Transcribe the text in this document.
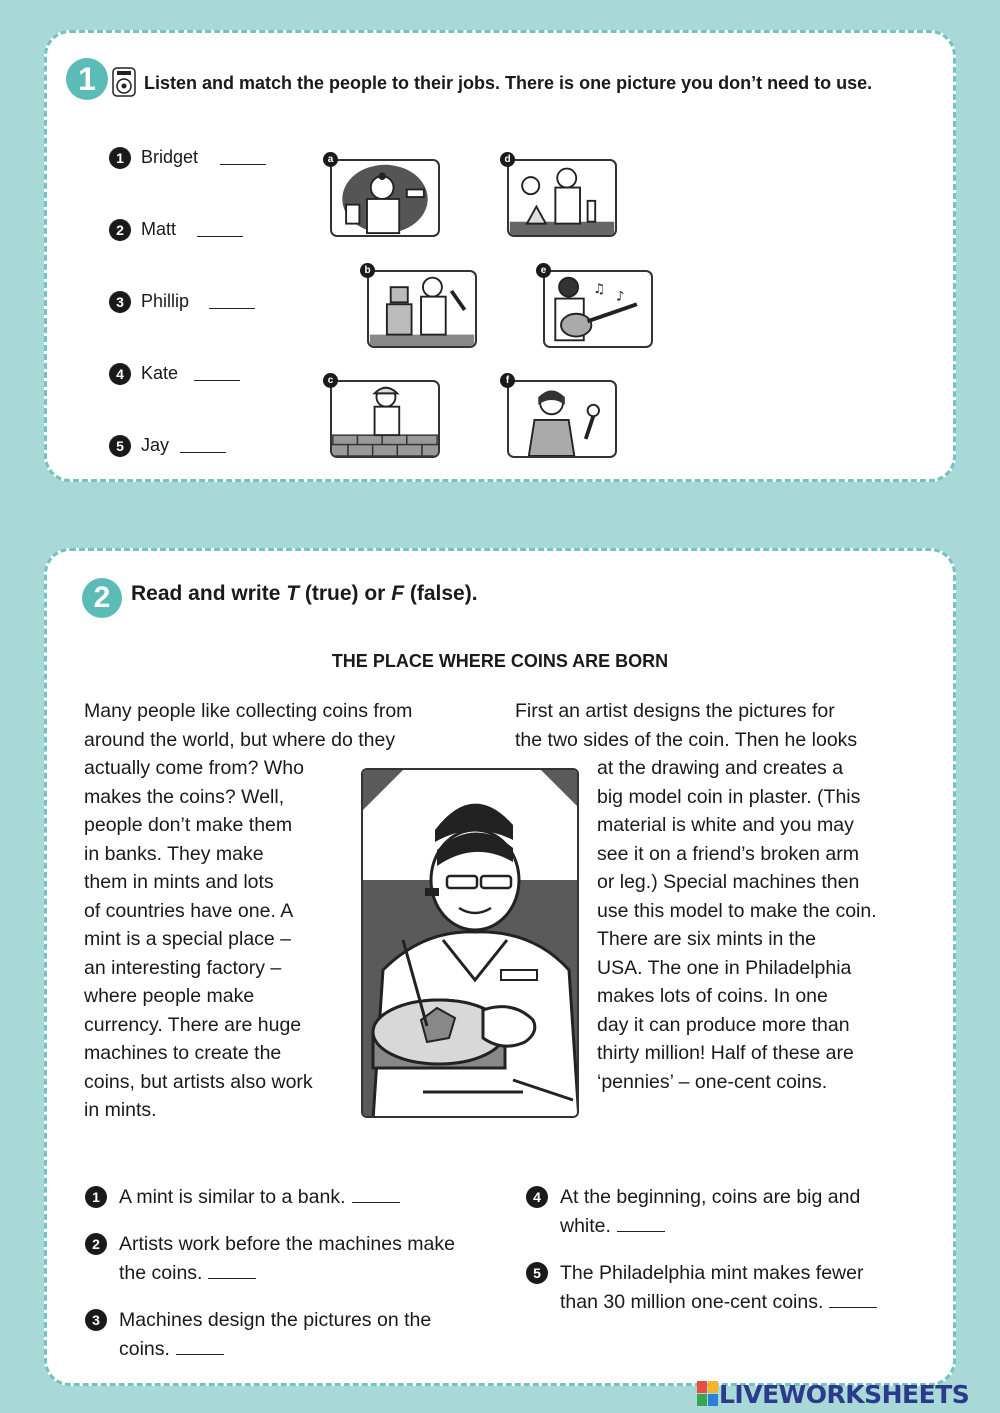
1	Listen and match the people to their jobs. There is one picture you don’t need to use.
1 Bridget
2 Matt
3 Phillip
4 Kate
5 Jay
a	d
b
♫
♪
e
c	f
2 Read and write T (true) or F (false).
THE PLACE WHERE COINS ARE BORN
Many people like collecting coins from
around the world, but where do they
actually come from? Who
makes the coins? Well,
people don’t make them
in banks. They make
them in mints and lots
of countries have one. A
mint is a special place –
an interesting factory –
where people make
currency. There are huge
machines to create the
coins, but artists also work
in mints.
First an artist designs the pictures for
the two sides of the coin. Then he looks
at the drawing and creates a
big model coin in plaster. (This
material is white and you may
see it on a friend’s broken arm
or leg.) Special machines then
use this model to make the coin.
There are six mints in the
USA. The one in Philadelphia
makes lots of coins. In one
day it can produce more than
thirty million! Half of these are
‘pennies’ – one-cent coins.
1 A mint is similar to a bank.
2 Artists work before the machines make
the coins.
3 Machines design the pictures on the
coins.
4 At the beginning, coins are big and
white.
5 The Philadelphia mint makes fewer
than 30 million one-cent coins.
LIVEWORKSHEETS
